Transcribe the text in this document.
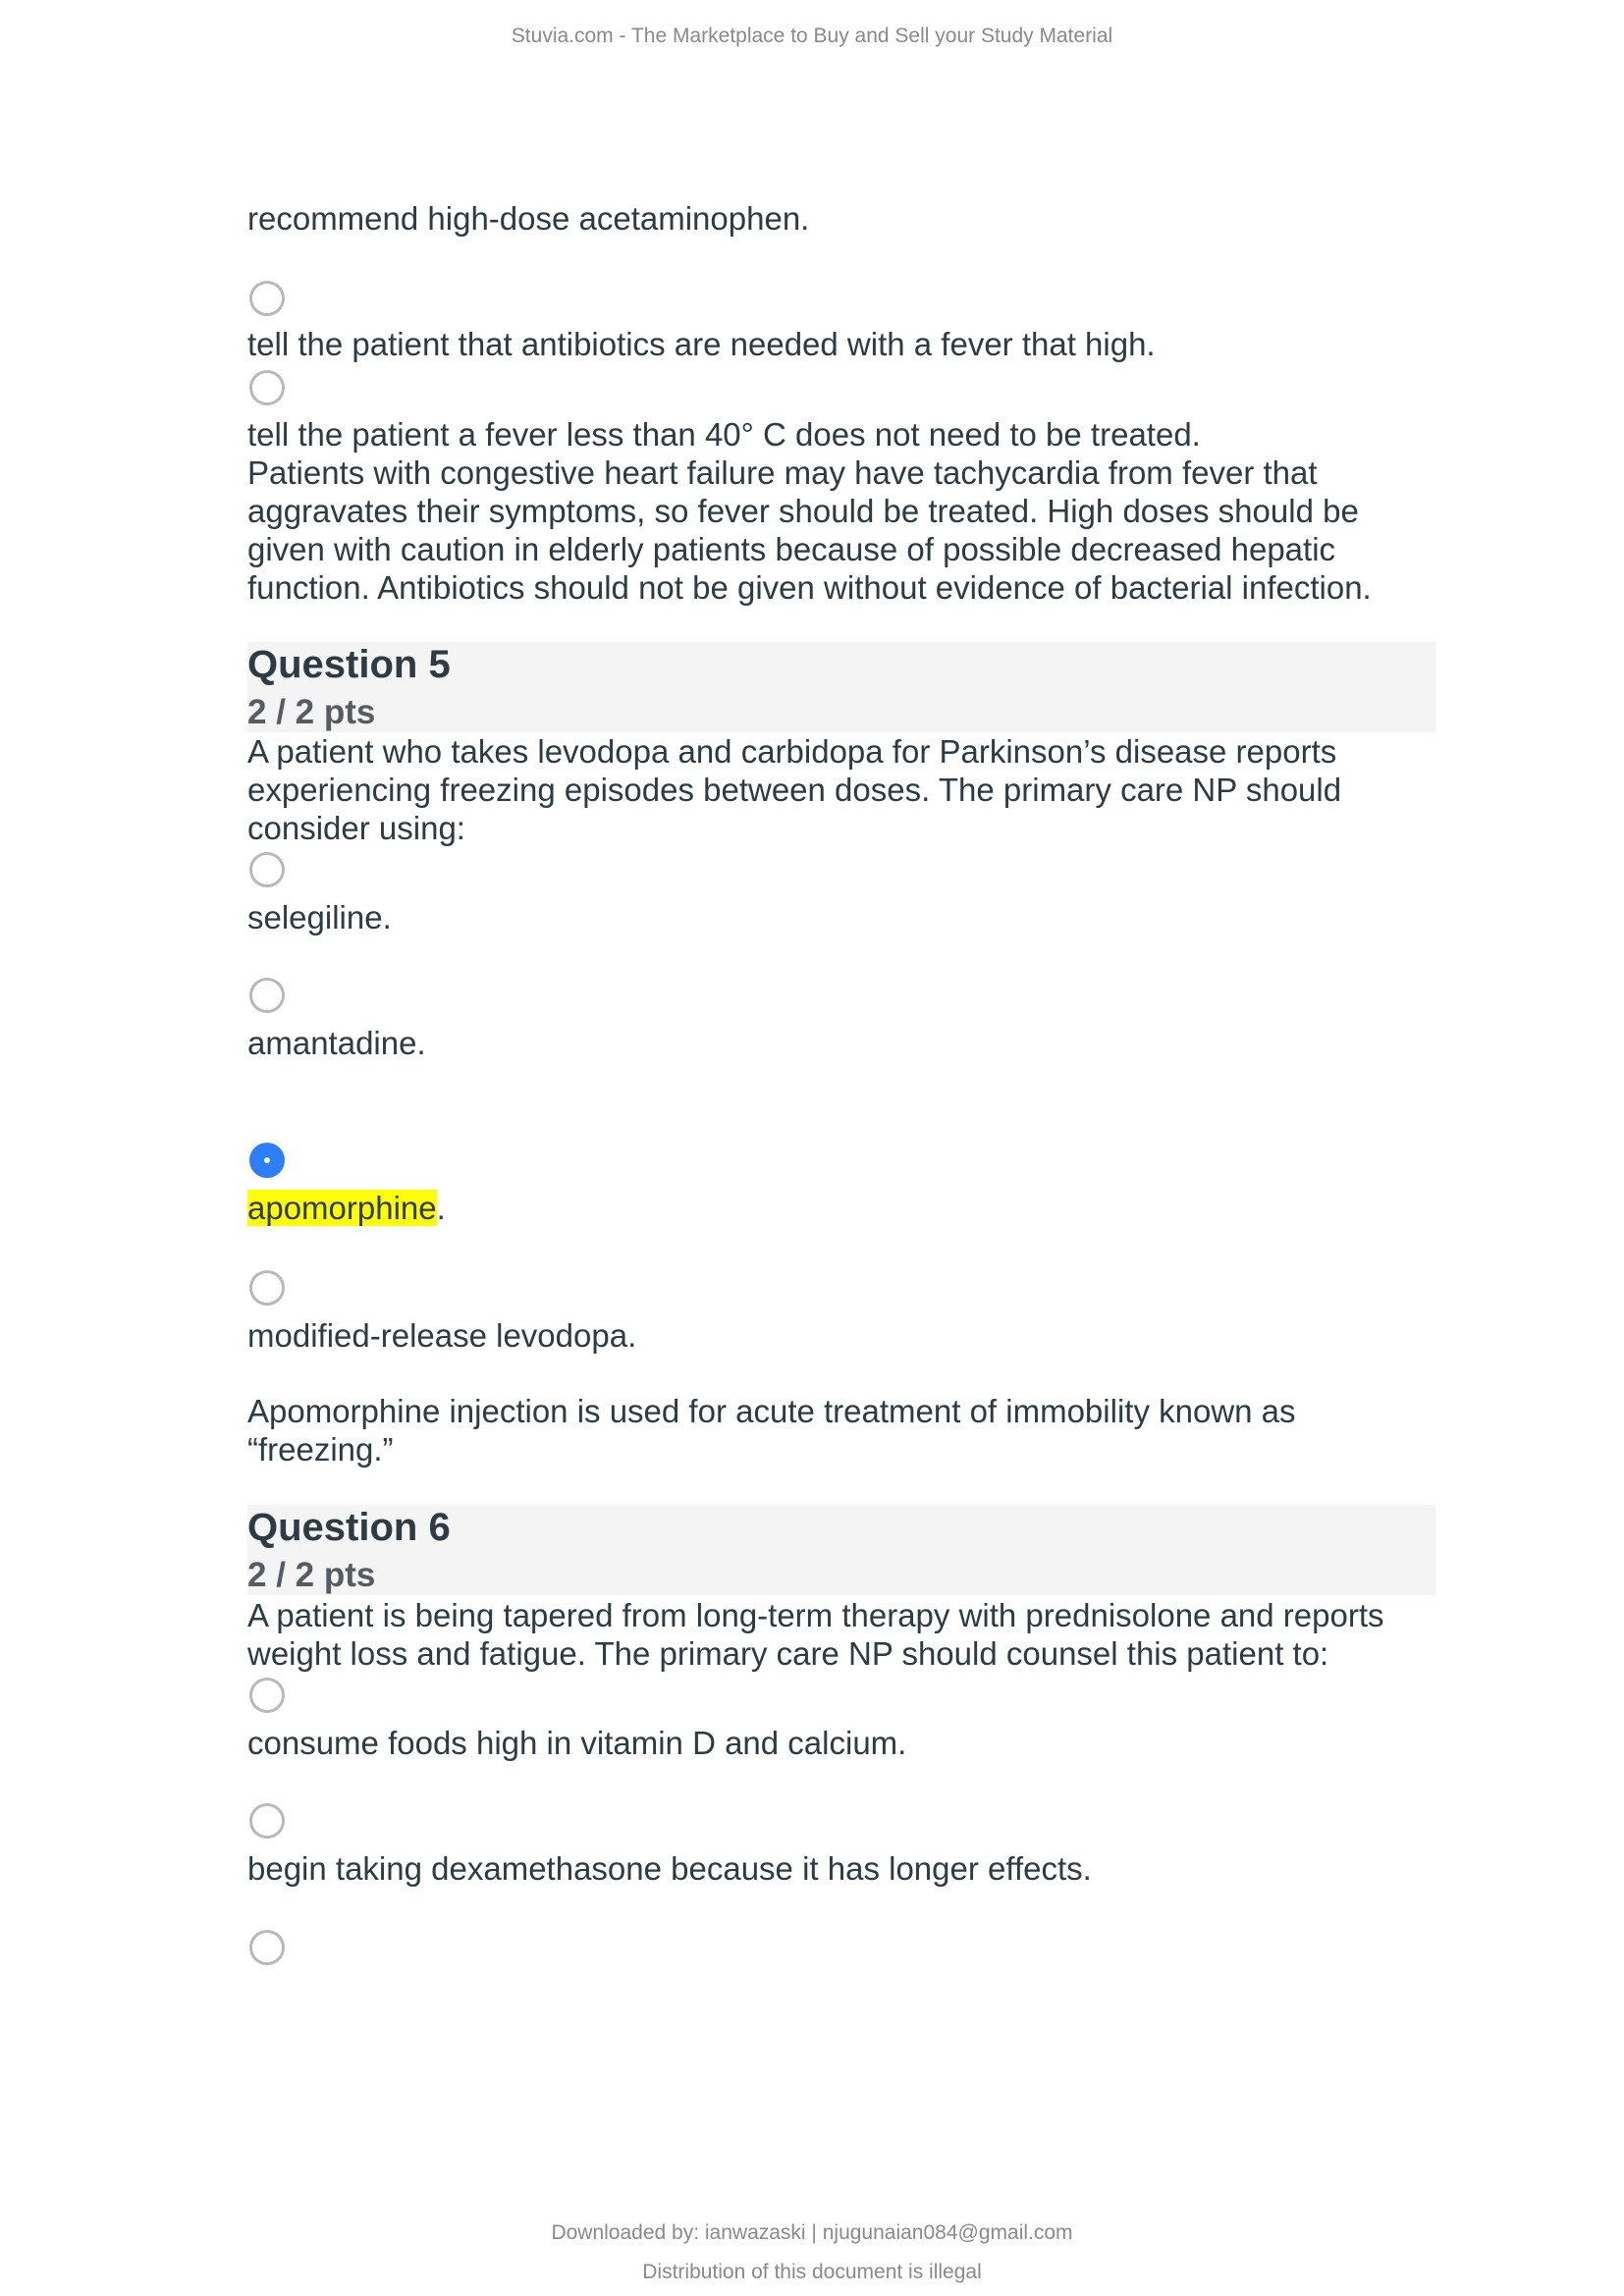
Stuvia.com - The Marketplace to Buy and Sell your Study Material
recommend high-dose acetaminophen.
tell the patient that antibiotics are needed with a fever that high.
tell the patient a fever less than 40° C does not need to be treated.
Patients with congestive heart failure may have tachycardia from fever that aggravates their symptoms, so fever should be treated. High doses should be given with caution in elderly patients because of possible decreased hepatic function. Antibiotics should not be given without evidence of bacterial infection.
Question 5
2 / 2 pts
A patient who takes levodopa and carbidopa for Parkinson’s disease reports experiencing freezing episodes between doses. The primary care NP should consider using:
selegiline.
amantadine.
apomorphine.
modified-release levodopa.
Apomorphine injection is used for acute treatment of immobility known as “freezing.”
Question 6
2 / 2 pts
A patient is being tapered from long-term therapy with prednisolone and reports weight loss and fatigue. The primary care NP should counsel this patient to:
consume foods high in vitamin D and calcium.
begin taking dexamethasone because it has longer effects.
Downloaded by: ianwazaski | njugunaian084@gmail.com
Distribution of this document is illegal
